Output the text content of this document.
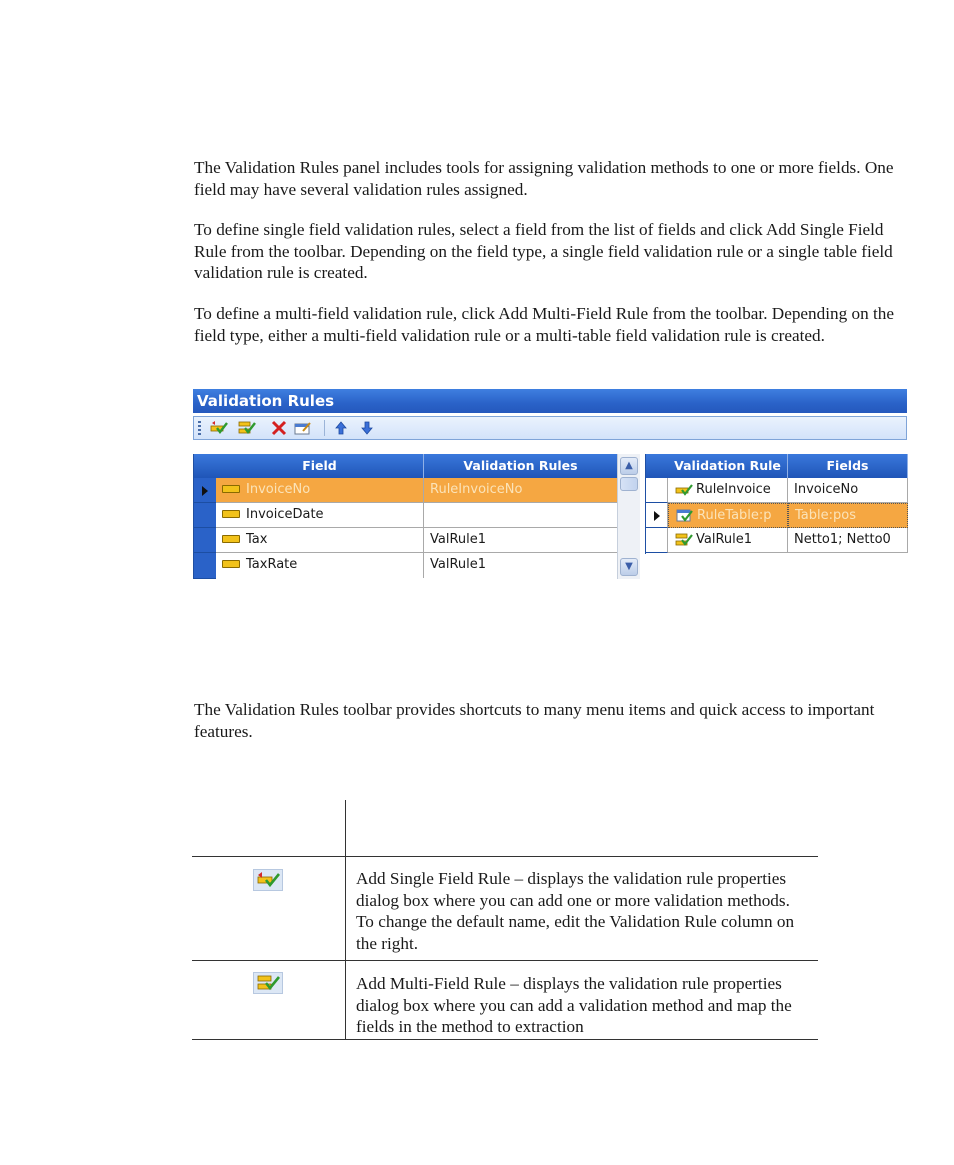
The Validation Rules panel includes tools for assigning validation methods to one or more fields. One field may have several validation rules assigned.

To define single field validation rules, select a field from the list of fields and click Add Single Field Rule from the toolbar. Depending on the field type, a single field validation rule or a single table field validation rule is created.

To define a multi-field validation rule, click Add Multi-Field Rule from the toolbar. Depending on the field type, either a multi-field validation rule or a multi-table field validation rule is created.

Validation Rules
Field	Validation Rules
InvoiceNo	RuleInvoiceNo
InvoiceDate
Tax	ValRule1
TaxRate	ValRule1
▲
▼
Validation Rule	Fields
RuleInvoice	InvoiceNo
RuleTable:p	Table:pos
ValRule1	Netto1; Netto0

The Validation Rules toolbar provides shortcuts to many menu items and quick access to important features.

Add Single Field Rule – displays the validation rule properties dialog box where you can add one or more validation methods. To change the default name, edit the Validation Rule column on the right.
Add Multi-Field Rule – displays the validation rule properties dialog box where you can add a validation method and map the fields in the method to extraction
